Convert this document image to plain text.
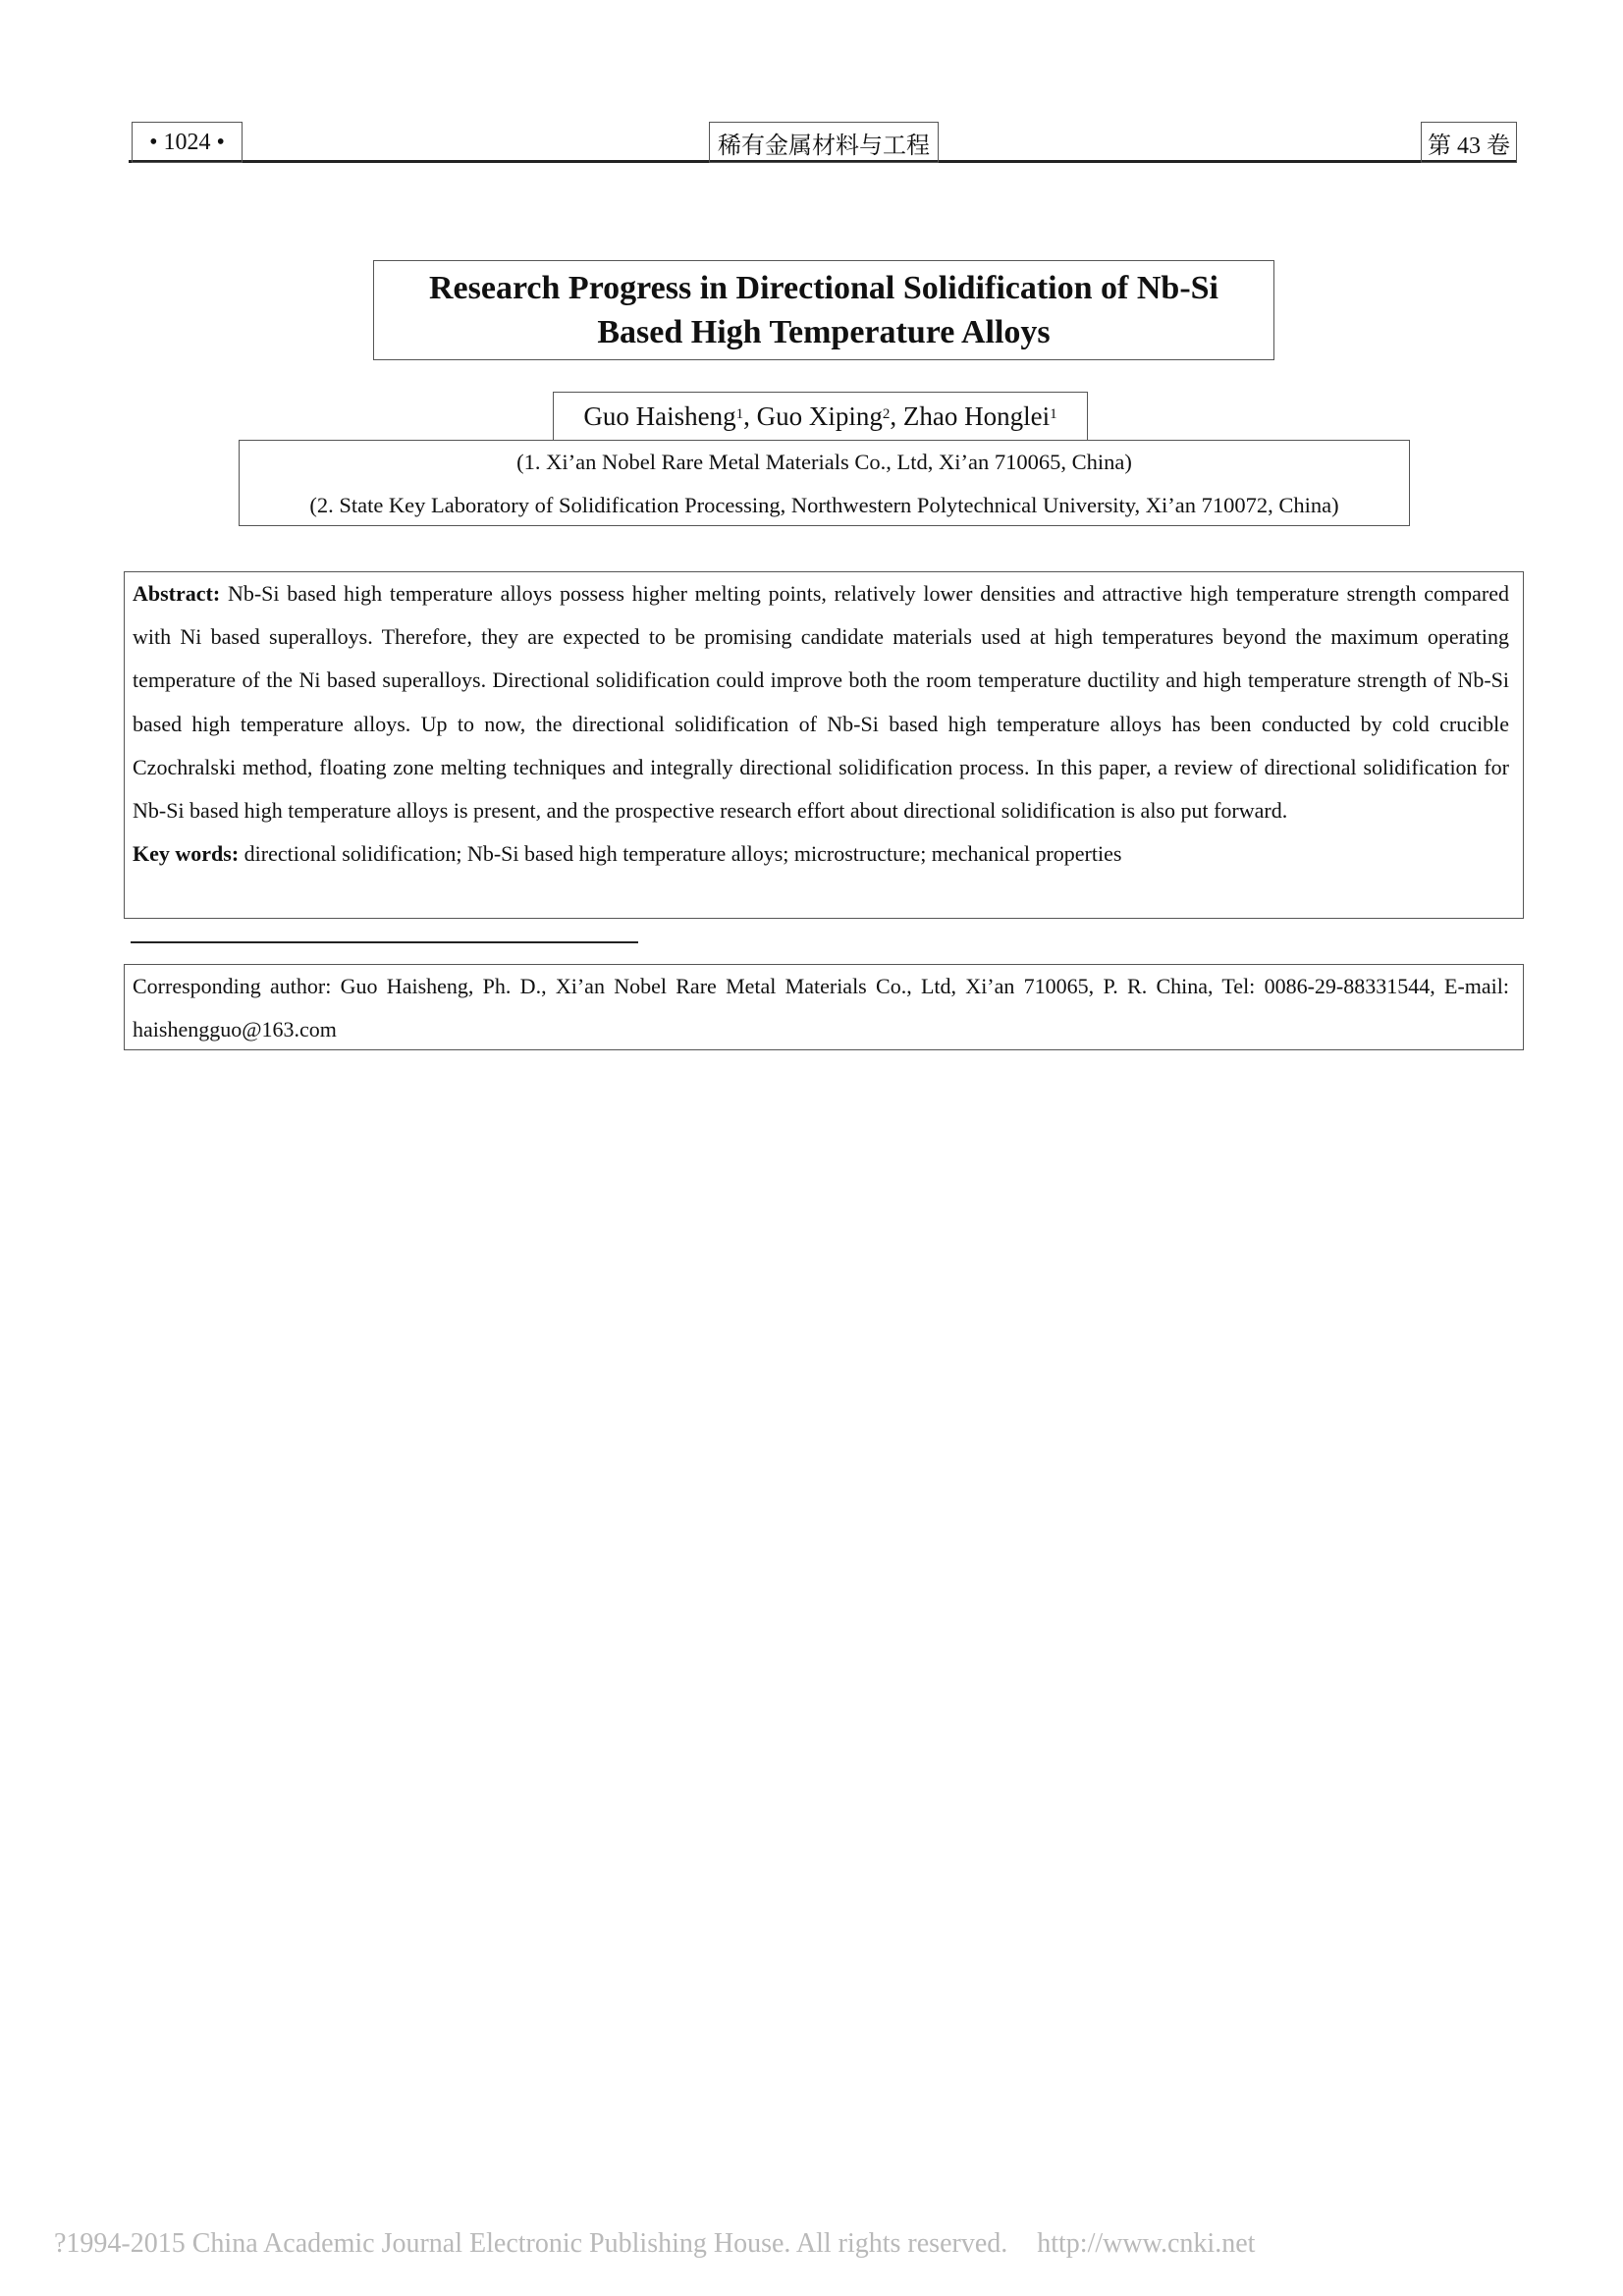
• 1024 •	稀有金属材料与工程	第 43 卷
Research Progress in Directional Solidification of Nb-Si
Based High Temperature Alloys
Guo Haisheng$^1$ , Guo Xiping$^2$ , Zhao Honglei$^1$
(1. Xi’an Nobel Rare Metal Materials Co., Ltd, Xi’an 710065, China)
(2. State Key Laboratory of Solidification Processing, Northwestern Polytechnical University, Xi’an 710072, China)

Abstract: Nb-Si based high temperature alloys possess higher melting points, relatively lower densities and attractive high temperature strength compared with Ni based superalloys. Therefore, they are expected to be promising candidate materials used at high temperatures beyond the maximum operating temperature of the Ni based superalloys. Directional solidification could improve both the room temperature ductility and high temperature strength of Nb-Si based high temperature alloys. Up to now, the directional solidification of Nb-Si based high temperature alloys has been conducted by cold crucible Czochralski method, floating zone melting techniques and integrally directional solidification process. In this paper, a review of directional solidification for Nb-Si based high temperature alloys is present, and the prospective research effort about directional solidification is also put forward.

Key words: directional solidification; Nb-Si based high temperature alloys; microstructure; mechanical properties

Corresponding author: Guo Haisheng, Ph. D., Xi’an Nobel Rare Metal Materials Co., Ltd, Xi’an 710065, P. R. China, Tel: 0086-29-88331544, E-mail: haishengguo@163.com
?1994-2015 China Academic Journal Electronic Publishing House. All rights reserved. http://www.cnki.net
